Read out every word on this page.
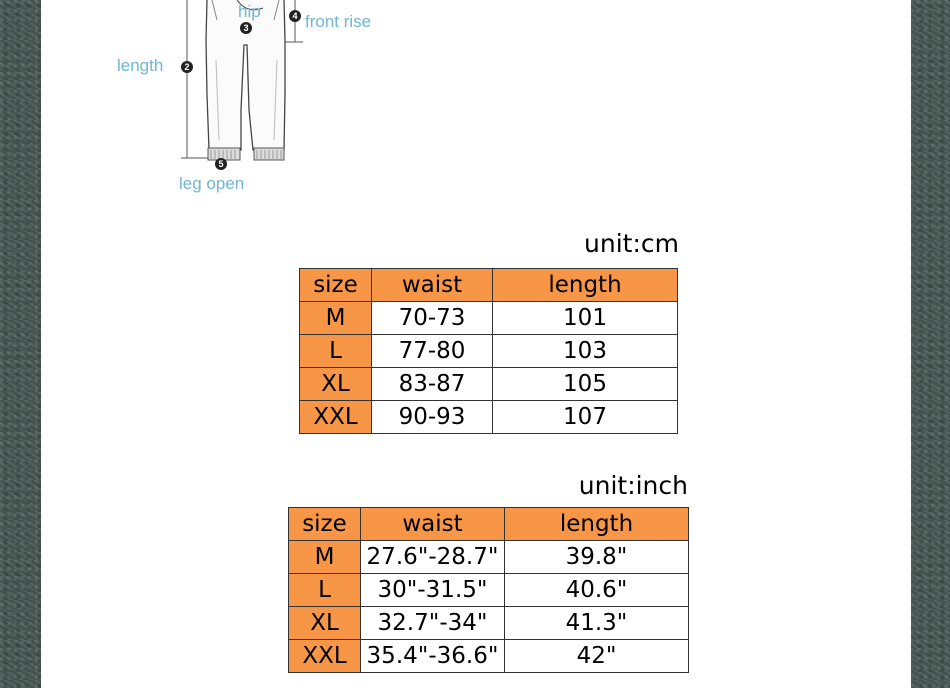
3
4
2
5
hip
front rise
length
leg open
unit:cm
size	waist	length
M	70-73	101
L	77-80	103
XL	83-87	105
XXL	90-93	107
unit:inch
size	waist	length
M	27.6"-28.7"	39.8"
L	30"-31.5"	40.6"
XL	32.7"-34"	41.3"
XXL	35.4"-36.6"	42"
